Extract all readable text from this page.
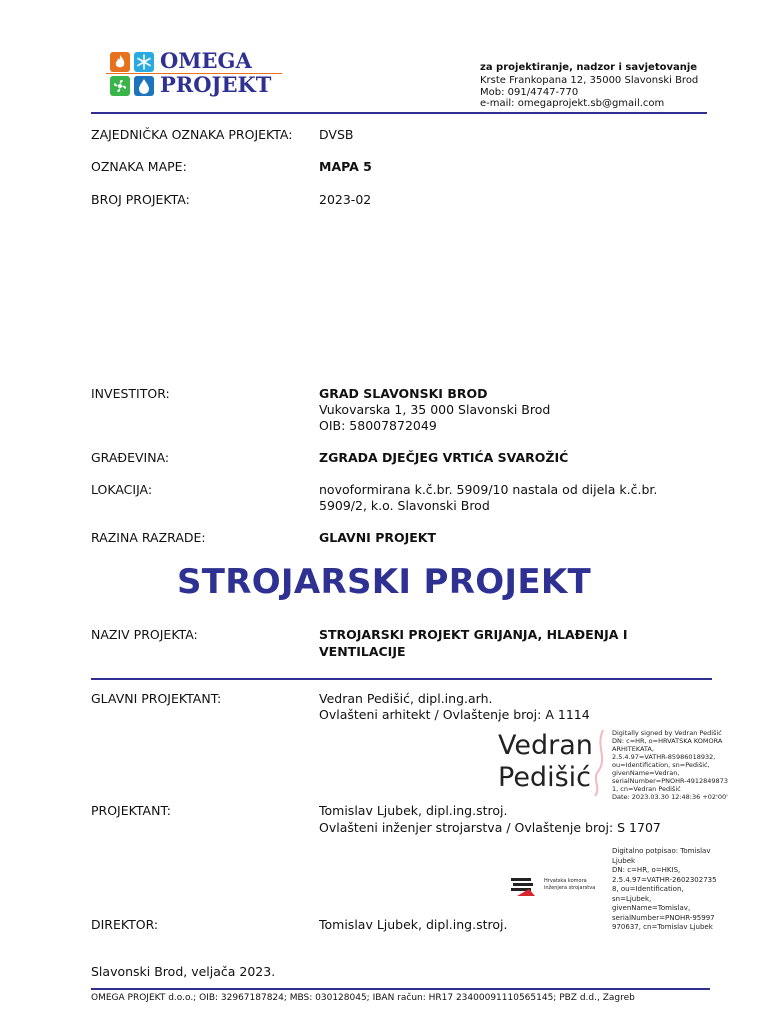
OMEGA
PROJEKT
za projektiranje, nadzor i savjetovanje
Krste Frankopana 12, 35000 Slavonski Brod
Mob: 091/4747-770
e-mail: omegaprojekt.sb@gmail.com
ZAJEDNIČKA OZNAKA PROJEKTA: DVSB
OZNAKA MAPE:	MAPA 5
BROJ PROJEKTA:	2023-02
INVESTITOR:	GRAD SLAVONSKI BROD
Vukovarska 1, 35 000 Slavonski Brod
OIB: 58007872049
GRAĐEVINA:	ZGRADA DJEČJEG VRTIĆA SVAROŽIĆ
LOKACIJA:	novoformirana k.č.br. 5909/10 nastala od dijela k.č.br.
5909/2, k.o. Slavonski Brod
RAZINA RAZRADE:	GLAVNI PROJEKT
STROJARSKI PROJEKT
NAZIV PROJEKTA:	STROJARSKI PROJEKT GRIJANJA, HLAĐENJA I
VENTILACIJE
GLAVNI PROJEKTANT:	Vedran Pedišić, dipl.ing.arh.
Ovlašteni arhitekt / Ovlaštenje broj: A 1114
Vedran
Pedišić
Digitally signed by Vedran Pedišić
DN: c=HR, o=HRVATSKA KOMORA
ARHITEKATA,
2.5.4.97=VATHR-85986018932,
ou=Identification, sn=Pedišić,
givenName=Vedran,
serialNumber=PNOHR-4912849873
1, cn=Vedran Pedišić
Date: 2023.03.30 12:48:36 +02'00'
PROJEKTANT:	Tomislav Ljubek, dipl.ing.stroj.
Ovlašteni inženjer strojarstva / Ovlaštenje broj: S 1707
Hrvatska komora
inženjera strojarstva
Digitalno potpisao: Tomislav
Ljubek
DN: c=HR, o=HKIS,
2.5.4.97=VATHR-2602302735
8, ou=Identification,
sn=Ljubek,
givenName=Tomislav,
serialNumber=PNOHR-95997
970637, cn=Tomislav Ljubek
DIREKTOR:	Tomislav Ljubek, dipl.ing.stroj.
Slavonski Brod, veljača 2023.
OMEGA PROJEKT d.o.o.; OIB: 32967187824; MBS: 030128045; IBAN račun: HR17 23400091110565145; PBZ d.d., Zagreb
